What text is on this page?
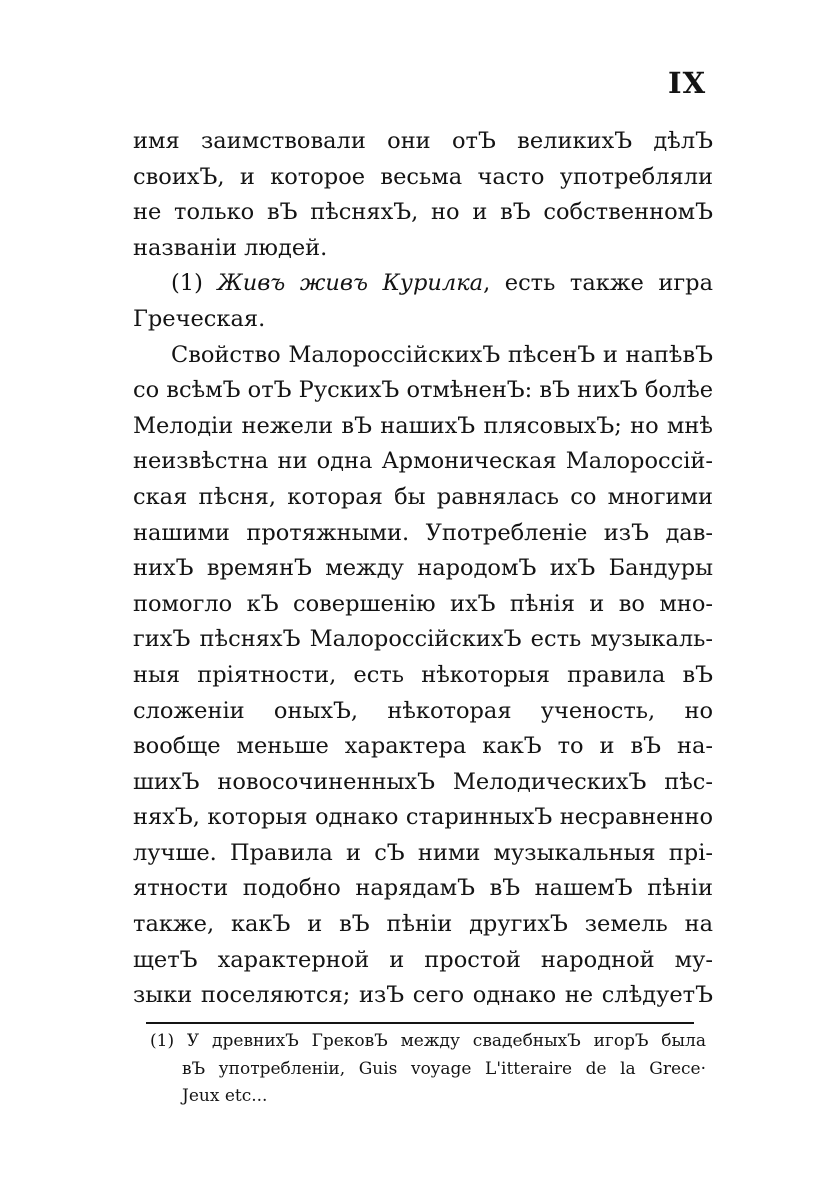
IX
имя заимствовали они отЪ великихЪ дѣлЪ
своихЪ, и которое весьма часто употребляли
не только вЪ пѣсняхЪ, но и вЪ собственномЪ
названіи людей.
(1) Живъ живъ Курилка, есть также игра
Греческая.
Свойство МалороссійскихЪ пѣсенЪ и напѣвЪ
со всѣмЪ отЪ РускихЪ отмѣненЪ: вЪ нихЪ болѣе
Мелодіи нежели вЪ нашихЪ плясовыхЪ; но мнѣ
неизвѣстна ни одна Армоническая Малороссій-
ская пѣсня, которая бы равнялась со многими
нашими протяжными. Употребленіе изЪ дав-
нихЪ времянЪ между народомЪ ихЪ Бандуры
помогло кЪ совершенію ихЪ пѣнія и во мно-
гихЪ пѣсняхЪ МалороссійскихЪ есть музыкаль-
ныя пріятности, есть нѣкоторыя правила вЪ
сложеніи оныхЪ, нѣкоторая ученость, но
вообще меньше характера какЪ то и вЪ на-
шихЪ новосочиненныхЪ МелодическихЪ пѣс-
няхЪ, которыя однако старинныхЪ несравненно
лучше. Правила и сЪ ними музыкальныя прі-
ятности подобно нарядамЪ вЪ нашемЪ пѣніи
также, какЪ и вЪ пѣніи другихЪ земель на
щетЪ характерной и простой народной му-
зыки поселяются; изЪ сего однако не слѣдуетЪ
(1) У древнихЪ ГрековЪ между свадебныхЪ игорЪ была
вЪ употребленіи, Guis voyage L'itteraire de la Grece·
Jeux etc...
